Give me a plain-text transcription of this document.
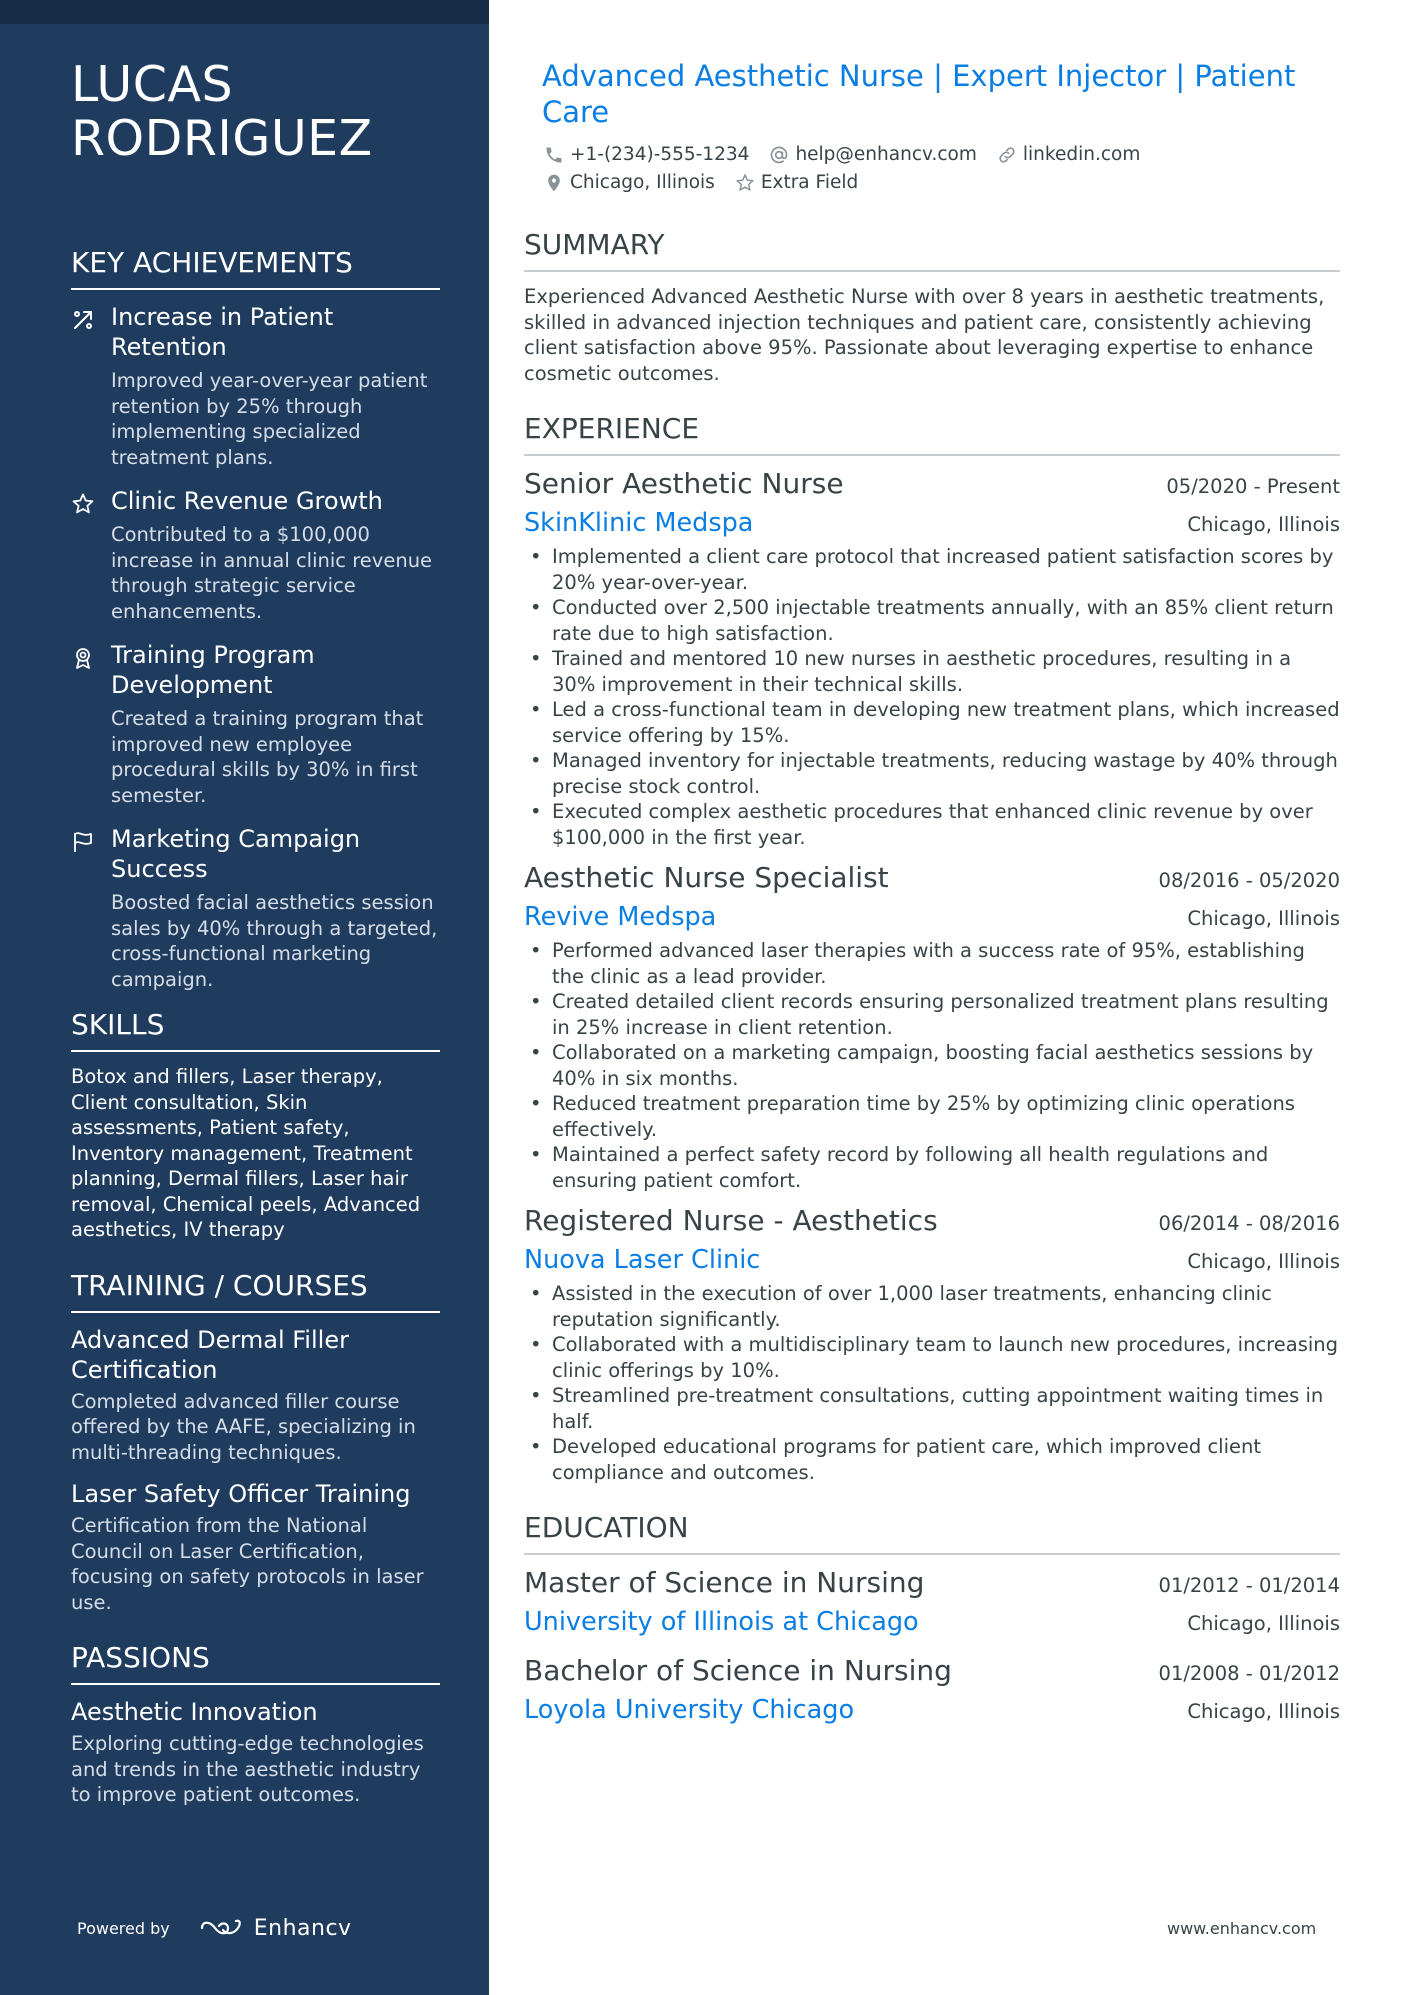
LUCAS RODRIGUEZ
KEY ACHIEVEMENTS
Increase in Patient Retention
Improved year-over-year patient retention by 25% through implementing specialized treatment plans.
Clinic Revenue Growth
Contributed to a $100,000 increase in annual clinic revenue through strategic service enhancements.
Training Program Development
Created a training program that improved new employee procedural skills by 30% in first semester.
Marketing Campaign Success
Boosted facial aesthetics session sales by 40% through a targeted, cross-functional marketing campaign.
SKILLS
Botox and fillers, Laser therapy, Client consultation, Skin assessments, Patient safety, Inventory management, Treatment planning, Dermal fillers, Laser hair removal, Chemical peels, Advanced aesthetics, IV therapy
TRAINING / COURSES
Advanced Dermal Filler Certification
Completed advanced filler course offered by the AAFE, specializing in multi-threading techniques.
Laser Safety Officer Training
Certification from the National Council on Laser Certification, focusing on safety protocols in laser use.
PASSIONS
Aesthetic Innovation
Exploring cutting-edge technologies and trends in the aesthetic industry to improve patient outcomes.
Powered by	Enhancv
Advanced Aesthetic Nurse | Expert Injector | Patient Care
+1-(234)-555-1234 help@enhancv.com linkedin.com
Chicago, Illinois Extra Field
SUMMARY
Experienced Advanced Aesthetic Nurse with over 8 years in aesthetic treatments, skilled in advanced injection techniques and patient care, consistently achieving client satisfaction above 95%. Passionate about leveraging expertise to enhance cosmetic outcomes.
EXPERIENCE
Senior Aesthetic Nurse	05/2020 - Present
SkinKlinic Medspa	Chicago, Illinois
• Implemented a client care protocol that increased patient satisfaction scores by 20% year-over-year.
• Conducted over 2,500 injectable treatments annually, with an 85% client return rate due to high satisfaction.
• Trained and mentored 10 new nurses in aesthetic procedures, resulting in a 30% improvement in their technical skills.
• Led a cross-functional team in developing new treatment plans, which increased service offering by 15%.
• Managed inventory for injectable treatments, reducing wastage by 40% through precise stock control.
• Executed complex aesthetic procedures that enhanced clinic revenue by over $100,000 in the first year.
Aesthetic Nurse Specialist	08/2016 - 05/2020
Revive Medspa	Chicago, Illinois
• Performed advanced laser therapies with a success rate of 95%, establishing the clinic as a lead provider.
• Created detailed client records ensuring personalized treatment plans resulting in 25% increase in client retention.
• Collaborated on a marketing campaign, boosting facial aesthetics sessions by 40% in six months.
• Reduced treatment preparation time by 25% by optimizing clinic operations effectively.
• Maintained a perfect safety record by following all health regulations and ensuring patient comfort.
Registered Nurse - Aesthetics	06/2014 - 08/2016
Nuova Laser Clinic	Chicago, Illinois
• Assisted in the execution of over 1,000 laser treatments, enhancing clinic reputation significantly.
• Collaborated with a multidisciplinary team to launch new procedures, increasing clinic offerings by 10%.
• Streamlined pre-treatment consultations, cutting appointment waiting times in half.
• Developed educational programs for patient care, which improved client compliance and outcomes.
EDUCATION
Master of Science in Nursing	01/2012 - 01/2014
University of Illinois at Chicago	Chicago, Illinois
Bachelor of Science in Nursing	01/2008 - 01/2012
Loyola University Chicago	Chicago, Illinois
www.enhancv.com
